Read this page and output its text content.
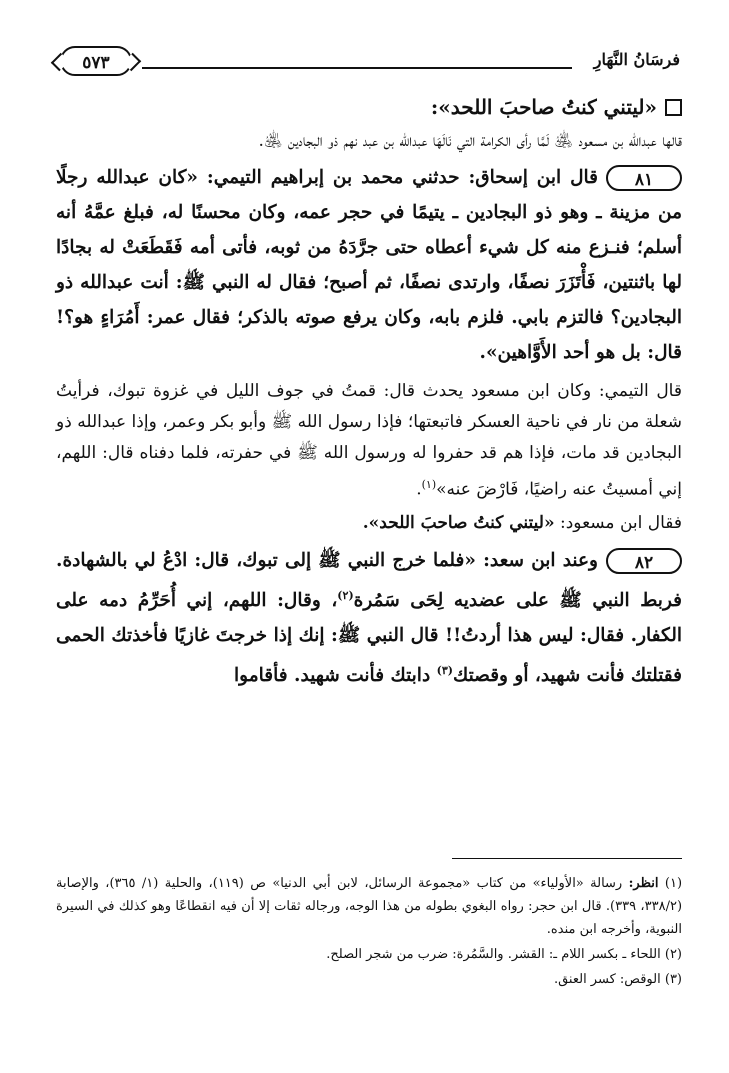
فرسَانُ النَّهَارِ
٥٧٣
«ليتني كنتُ صاحبَ اللحد»:

قالها عبدالله بن مسعود ﵁ لَمَّا رأى الكرامة التي نَالَهَا عبدالله بن عبد نهم ذو البجادين ﵁.

٨١قال ابن إسحاق: حدثني محمد بن إبراهيم التيمي: «كان عبدالله رجلًا من مزينة ـ وهو ذو البجادين ـ يتيمًا في حجر عمه، وكان محسنًا له، فبلغ عمَّهُ أنه أسلم؛ فنـزع منه كل شيء أعطاه حتى جرَّدَهُ من ثوبه، فأتى أمه فَقَطَعَتْ له بجادًا لها باثنتين، فَأْتَزَرَ نصفًا، وارتدى نصفًا، ثم أصبح؛ فقال له النبي ﷺ: أنت عبدالله ذو البجادين؟ فالتزم بابي. فلزم بابه، وكان يرفع صوته بالذكر؛ فقال عمر: أَمُرَاءٍ هو؟! قال: بل هو أحد الأَوَّاهين».

قال التيمي: وكان ابن مسعود يحدث قال: قمتُ في جوف الليل في غزوة تبوك، فرأيتُ شعلة من نار في ناحية العسكر فاتبعتها؛ فإذا رسول الله ﷺ وأبو بكر وعمر، وإذا عبدالله ذو البجادين قد مات، فإذا هم قد حفروا له ورسول الله ﷺ في حفرته، فلما دفناه قال: اللهم، إني أمسيتُ عنه راضيًا، فَارْضَ عنه»$^{(١)}$.

فقال ابن مسعود: «ليتني كنتُ صاحبَ اللحد».

٨٢وعند ابن سعد: «فلما خرج النبي ﷺ إلى تبوك، قال: ادْعُ لي بالشهادة. فربط النبي ﷺ على عضديه لِحَى سَمُرة$^{(٢)}$، وقال: اللهم، إني أُحَرِّمُ دمه على الكفار. فقال: ليس هذا أردتُ!! قال النبي ﷺ: إنك إذا خرجتَ غازيًا فأخذتك الحمى فقتلتك فأنت شهيد، أو وقصتك$^{(٣)}$ دابتك فأنت شهيد. فأقاموا

(١) انظر: رسالة «الأولياء» من كتاب «مجموعة الرسائل، لابن أبي الدنيا» ص (١١٩)، والحلية (١/ ٣٦٥)، والإصابة (٣٣٨/٢، ٣٣٩). قال ابن حجر: رواه البغوي بطوله من هذا الوجه، ورجاله ثقات إلا أن فيه انقطاعًا وهو كذلك في السيرة النبوية، وأخرجه ابن منده.

(٢) اللحاء ـ بكسر اللام ـ: القشر. والسَّمُرة: ضرب من شجر الصلح.

(٣) الوقص: كسر العنق.
